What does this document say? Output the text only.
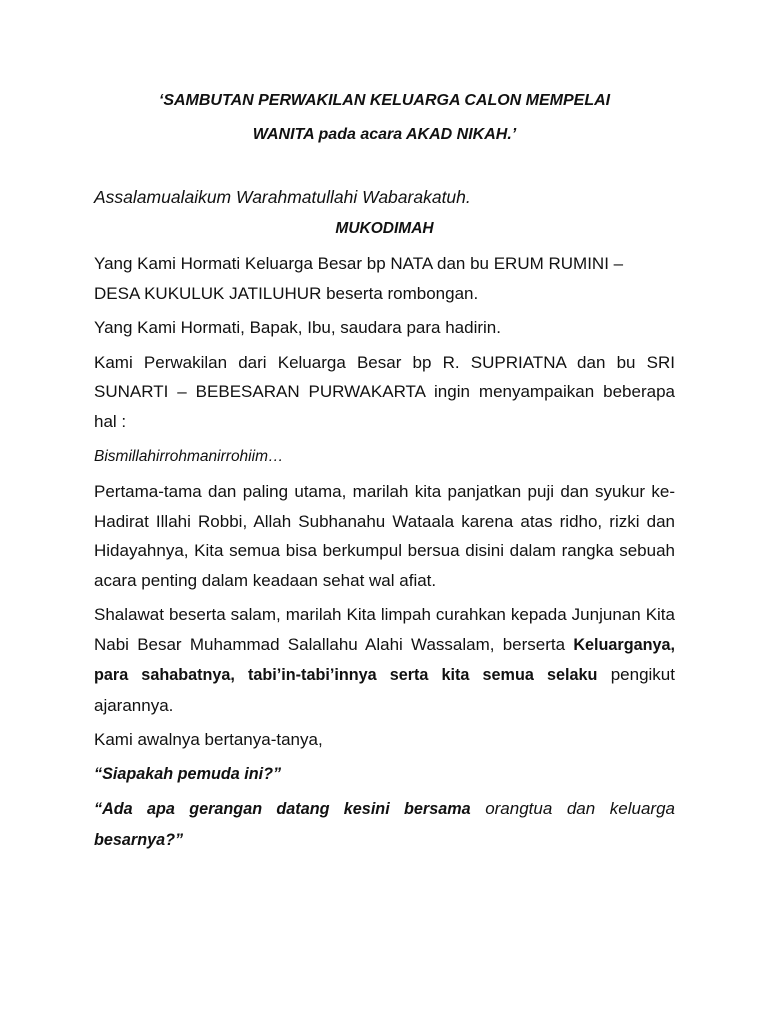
‘SAMBUTAN PERWAKILAN KELUARGA CALON MEMPELAI

WANITA pada acara AKAD NIKAH.’

Assalamualaikum Warahmatullahi Wabarakatuh.

MUKODIMAH

Yang Kami Hormati Keluarga Besar bp NATA dan bu ERUM RUMINI –

DESA KUKULUK JATILUHUR beserta rombongan.

Yang Kami Hormati, Bapak, Ibu, saudara para hadirin.

Kami Perwakilan dari Keluarga Besar bp R. SUPRIATNA dan bu SRI SUNARTI – BEBESARAN PURWAKARTA ingin menyampaikan beberapa hal :

Bismillahirrohmanirrohiim…

Pertama-tama dan paling utama, marilah kita panjatkan puji dan syukur ke-Hadirat Illahi Robbi, Allah Subhanahu Wataala karena atas ridho, rizki dan Hidayahnya, Kita semua bisa berkumpul bersua disini dalam rangka sebuah acara penting dalam keadaan sehat wal afiat.

Shalawat beserta salam, marilah Kita limpah curahkan kepada Junjunan Kita Nabi Besar Muhammad Salallahu Alahi Wassalam, berserta Keluarganya, para sahabatnya, tabi’in-tabi’innya serta kita semua selaku pengikut ajarannya.

Kami awalnya bertanya-tanya,

“Siapakah pemuda ini?”

“Ada apa gerangan datang kesini bersama orangtua dan keluarga besarnya?”
